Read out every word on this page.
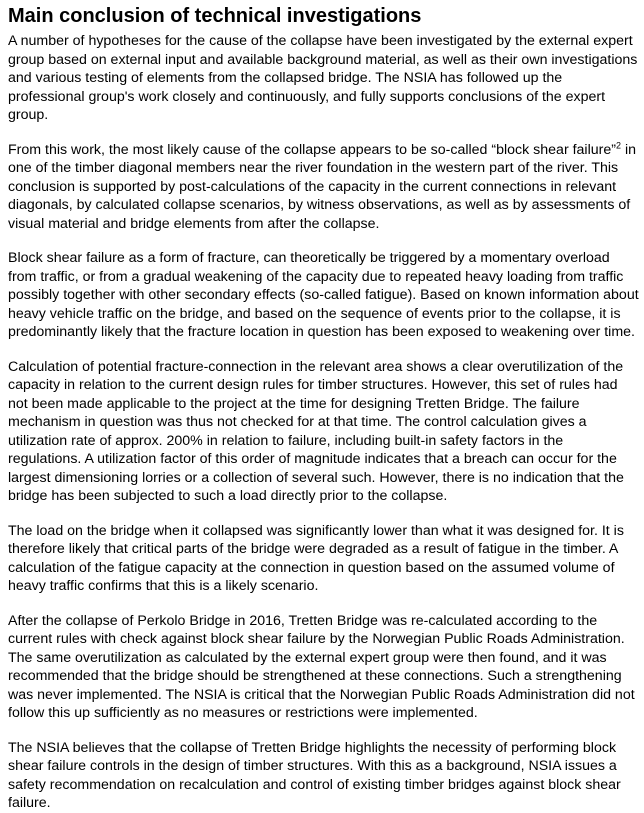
Main conclusion of technical investigations

A number of hypotheses for the cause of the collapse have been investigated by the external expert group based on external input and available background material, as well as their own investigations and various testing of elements from the collapsed bridge. The NSIA has followed up the professional group's work closely and continuously, and fully supports conclusions of the expert group.

From this work, the most likely cause of the collapse appears to be so-called “block shear failure”$^2$ in one of the timber diagonal members near the river foundation in the western part of the river. This conclusion is supported by post-calculations of the capacity in the current connections in relevant diagonals, by calculated collapse scenarios, by witness observations, as well as by assessments of visual material and bridge elements from after the collapse.

Block shear failure as a form of fracture, can theoretically be triggered by a momentary overload from traffic, or from a gradual weakening of the capacity due to repeated heavy loading from traffic possibly together with other secondary effects (so-called fatigue). Based on known information about heavy vehicle traffic on the bridge, and based on the sequence of events prior to the collapse, it is predominantly likely that the fracture location in question has been exposed to weakening over time.

Calculation of potential fracture-connection in the relevant area shows a clear overutilization of the capacity in relation to the current design rules for timber structures. However, this set of rules had not been made applicable to the project at the time for designing Tretten Bridge. The failure mechanism in question was thus not checked for at that time. The control calculation gives a utilization rate of approx. 200% in relation to failure, including built-in safety factors in the regulations. A utilization factor of this order of magnitude indicates that a breach can occur for the largest dimensioning lorries or a collection of several such. However, there is no indication that the bridge has been subjected to such a load directly prior to the collapse.

The load on the bridge when it collapsed was significantly lower than what it was designed for. It is therefore likely that critical parts of the bridge were degraded as a result of fatigue in the timber. A calculation of the fatigue capacity at the connection in question based on the assumed volume of heavy traffic confirms that this is a likely scenario.

After the collapse of Perkolo Bridge in 2016, Tretten Bridge was re-calculated according to the current rules with check against block shear failure by the Norwegian Public Roads Administration. The same overutilization as calculated by the external expert group were then found, and it was recommended that the bridge should be strengthened at these connections. Such a strengthening was never implemented. The NSIA is critical that the Norwegian Public Roads Administration did not follow this up sufficiently as no measures or restrictions were implemented.

The NSIA believes that the collapse of Tretten Bridge highlights the necessity of performing block shear failure controls in the design of timber structures. With this as a background, NSIA issues a safety recommendation on recalculation and control of existing timber bridges against block shear failure.
